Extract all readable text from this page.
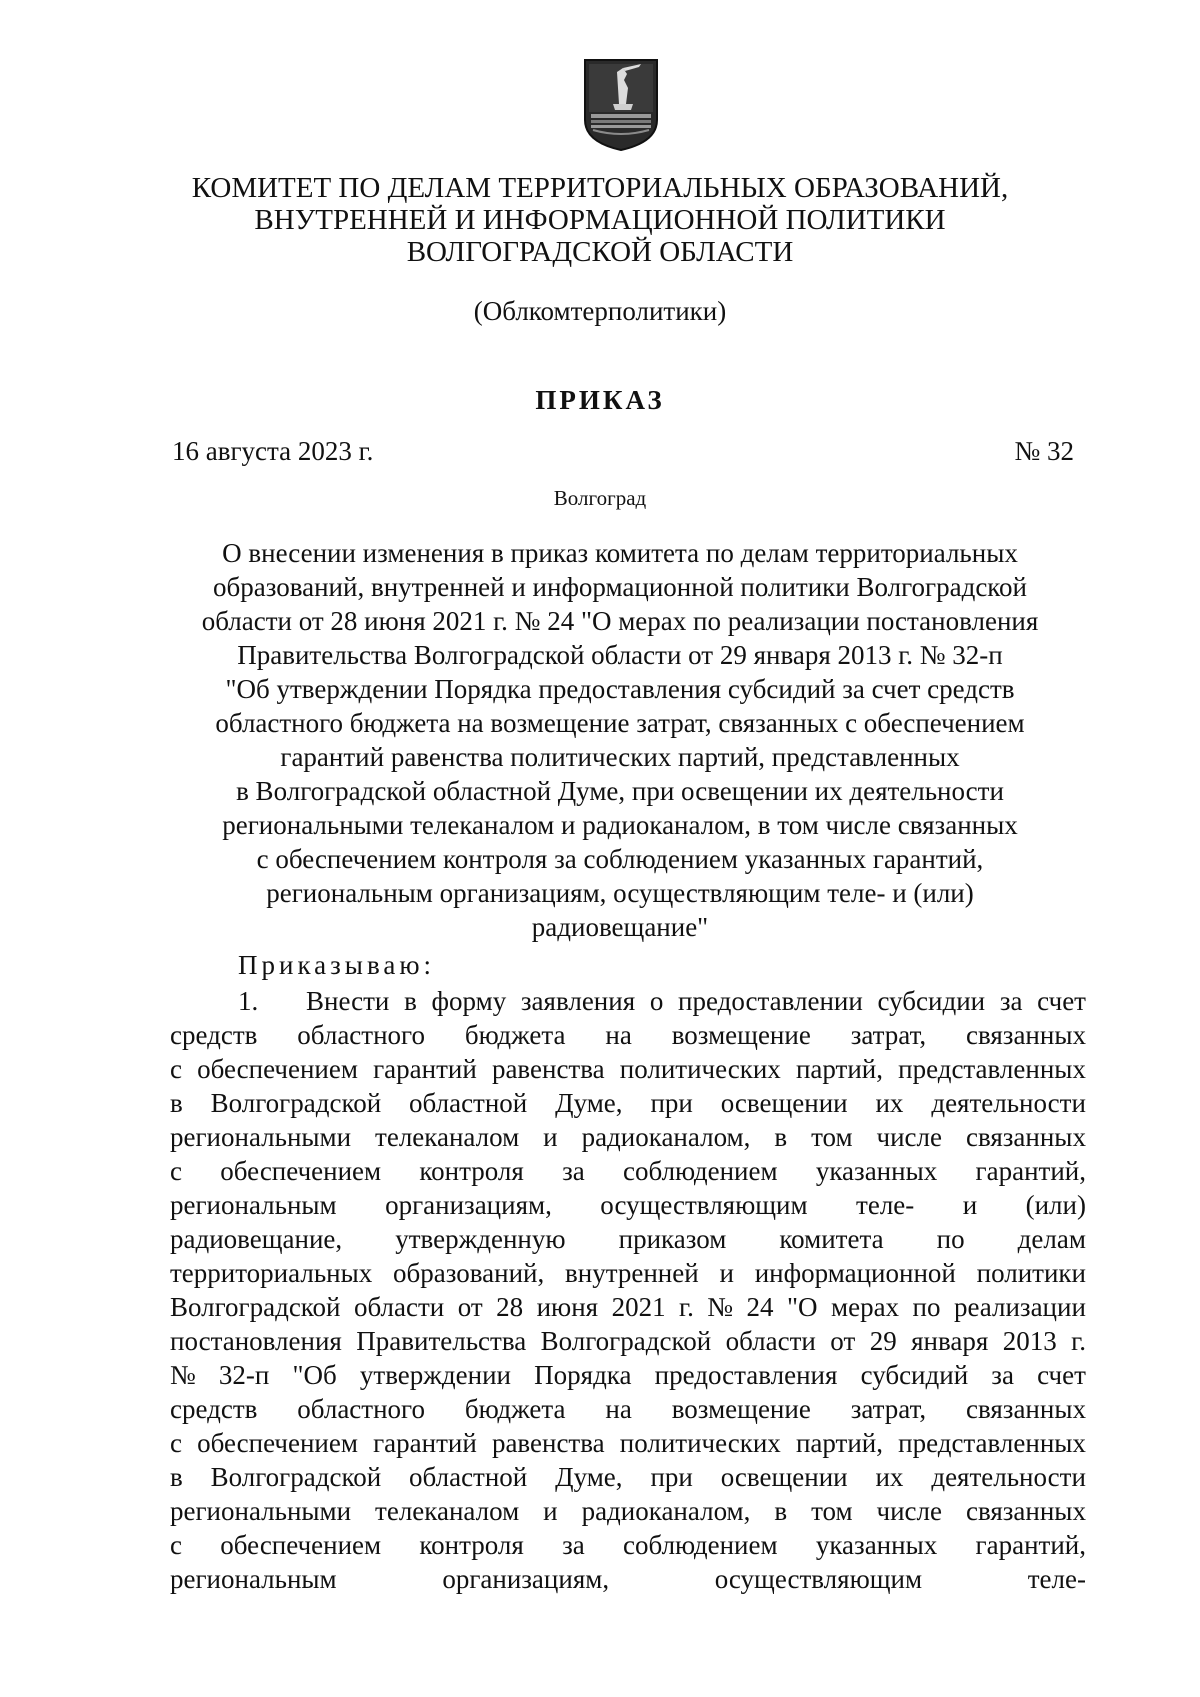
КОМИТЕТ ПО ДЕЛАМ ТЕРРИТОРИАЛЬНЫХ ОБРАЗОВАНИЙ,
ВНУТРЕННЕЙ И ИНФОРМАЦИОННОЙ ПОЛИТИКИ
ВОЛГОГРАДСКОЙ ОБЛАСТИ
(Облкомтерполитики)
ПРИКАЗ
16 августа 2023 г.	№ 32
Волгоград
О внесении изменения в приказ комитета по делам территориальных
образований, внутренней и информационной политики Волгоградской
области от 28 июня 2021 г. № 24 "О мерах по реализации постановления
Правительства Волгоградской области от 29 января 2013 г. № 32-п
"Об утверждении Порядка предоставления субсидий за счет средств
областного бюджета на возмещение затрат, связанных с обеспечением
гарантий равенства политических партий, представленных
в Волгоградской областной Думе, при освещении их деятельности
региональными телеканалом и радиоканалом, в том числе связанных
с обеспечением контроля за соблюдением указанных гарантий,
региональным организациям, осуществляющим теле- и (или)
радиовещание"
Приказываю:
1.	Внести в форму заявления о предоставлении субсидии за счет
средств областного бюджета на возмещение затрат, связанных
с обеспечением гарантий равенства политических партий, представленных
в Волгоградской областной Думе, при освещении их деятельности
региональными телеканалом и радиоканалом, в том числе связанных
с обеспечением контроля за соблюдением указанных гарантий,
региональным организациям, осуществляющим теле- и (или)
радиовещание, утвержденную приказом комитета по делам
территориальных образований, внутренней и информационной политики
Волгоградской области от 28 июня 2021 г. № 24 "О мерах по реализации
постановления Правительства Волгоградской области от 29 января 2013 г.
№ 32-п "Об утверждении Порядка предоставления субсидий за счет
средств областного бюджета на возмещение затрат, связанных
с обеспечением гарантий равенства политических партий, представленных
в Волгоградской областной Думе, при освещении их деятельности
региональными телеканалом и радиоканалом, в том числе связанных
с обеспечением контроля за соблюдением указанных гарантий,
региональным	организациям,	осуществляющим	теле-
